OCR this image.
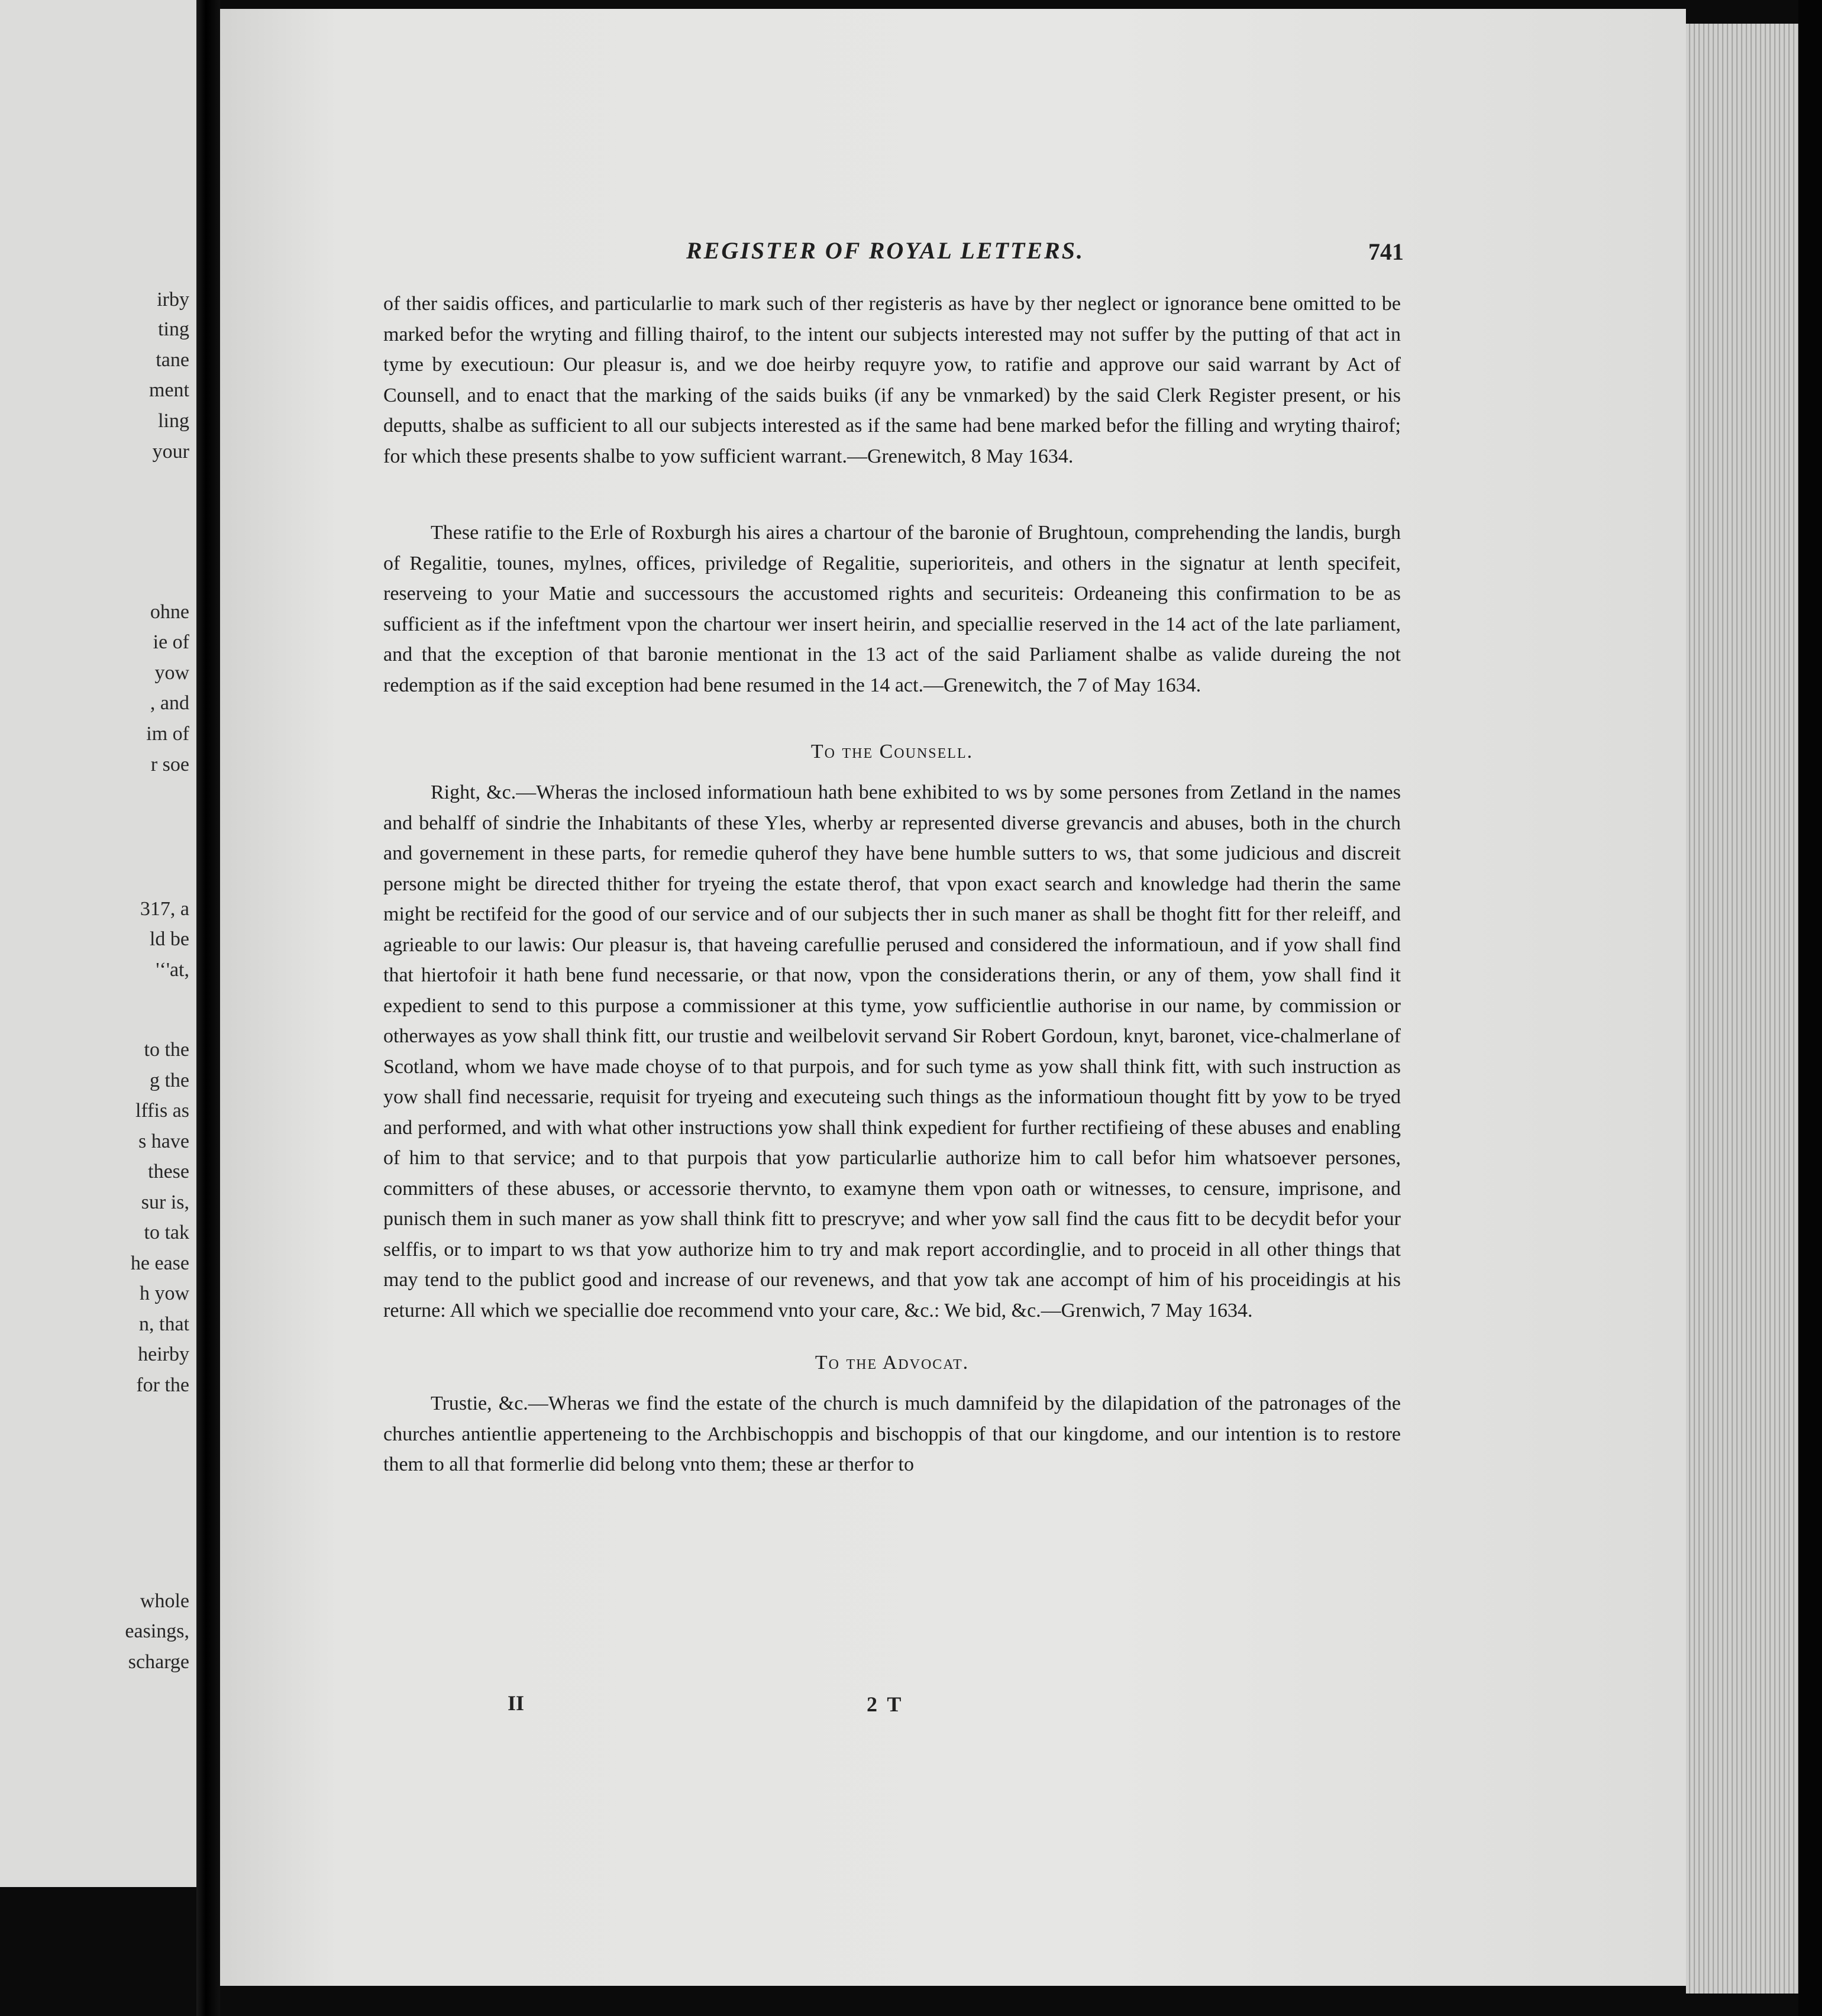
irby
ting
tane
ment
ling
your
ohne
ie of
yow
, and
im of
r soe
317, a
ld be
'ʻ'at,
to the
g the
lffis as
s have
these
sur is,
to tak
he ease
h yow
n, that
heirby
for the
whole
easings,
scharge
REGISTER OF ROYAL LETTERS.	741

of ther saidis offices, and particularlie to mark such of ther registeris as have by ther neglect or ignorance bene omitted to be marked befor the wryting and filling thairof, to the intent our subjects interested may not suffer by the putting of that act in tyme by executioun: Our pleasur is, and we doe heirby requyre yow, to ratifie and approve our said warrant by Act of Counsell, and to enact that the marking of the saids buiks (if any be vnmarked) by the said Clerk Register present, or his deputts, shalbe as sufficient to all our subjects interested as if the same had bene marked befor the filling and wryting thairof; for which these presents shalbe to yow sufficient warrant.—Grenewitch, 8 May 1634.

These ratifie to the Erle of Roxburgh his aires a chartour of the baronie of Brughtoun, comprehending the landis, burgh of Regalitie, tounes, mylnes, offices, priviledge of Regalitie, superioriteis, and others in the signatur at lenth specifeit, reserveing to your Matie and successours the accustomed rights and securiteis: Ordeaneing this confirmation to be as sufficient as if the infeftment vpon the chartour wer insert heirin, and speciallie reserved in the 14 act of the late parliament, and that the exception of that baronie mentionat in the 13 act of the said Parliament shalbe as valide dureing the not redemption as if the said exception had bene resumed in the 14 act.—Grenewitch, the 7 of May 1634.

To the Counsell.

Right, &c.—Wheras the inclosed informatioun hath bene exhibited to ws by some persones from Zetland in the names and behalff of sindrie the Inhabitants of these Yles, wherby ar represented diverse grevancis and abuses, both in the church and governement in these parts, for remedie quherof they have bene humble sutters to ws, that some judicious and discreit persone might be directed thither for tryeing the estate therof, that vpon exact search and knowledge had therin the same might be rectifeid for the good of our service and of our subjects ther in such maner as shall be thoght fitt for ther releiff, and agrieable to our lawis: Our pleasur is, that haveing carefullie perused and considered the informatioun, and if yow shall find that hiertofoir it hath bene fund necessarie, or that now, vpon the considerations therin, or any of them, yow shall find it expedient to send to this purpose a commissioner at this tyme, yow sufficientlie authorise in our name, by commission or otherwayes as yow shall think fitt, our trustie and weilbelovit servand Sir Robert Gordoun, knyt, baronet, vice-chalmerlane of Scotland, whom we have made choyse of to that purpois, and for such tyme as yow shall think fitt, with such instruction as yow shall find necessarie, requisit for tryeing and executeing such things as the informatioun thought fitt by yow to be tryed and performed, and with what other instructions yow shall think expedient for further rectifieing of these abuses and enabling of him to that service; and to that purpois that yow particularlie authorize him to call befor him whatsoever persones, committers of these abuses, or accessorie thervnto, to examyne them vpon oath or witnesses, to censure, imprisone, and punisch them in such maner as yow shall think fitt to prescryve; and wher yow sall find the caus fitt to be decydit befor your selffis, or to impart to ws that yow authorize him to try and mak report accordinglie, and to proceid in all other things that may tend to the publict good and increase of our revenews, and that yow tak ane accompt of him of his proceidingis at his returne: All which we speciallie doe recommend vnto your care, &c.: We bid, &c.—Grenwich, 7 May 1634.

To the Advocat.

Trustie, &c.—Wheras we find the estate of the church is much damnifeid by the dilapidation of the patronages of the churches antientlie apperteneing to the Archbischoppis and bischoppis of that our kingdome, and our intention is to restore them to all that formerlie did belong vnto them; these ar therfor to

II	2 T
